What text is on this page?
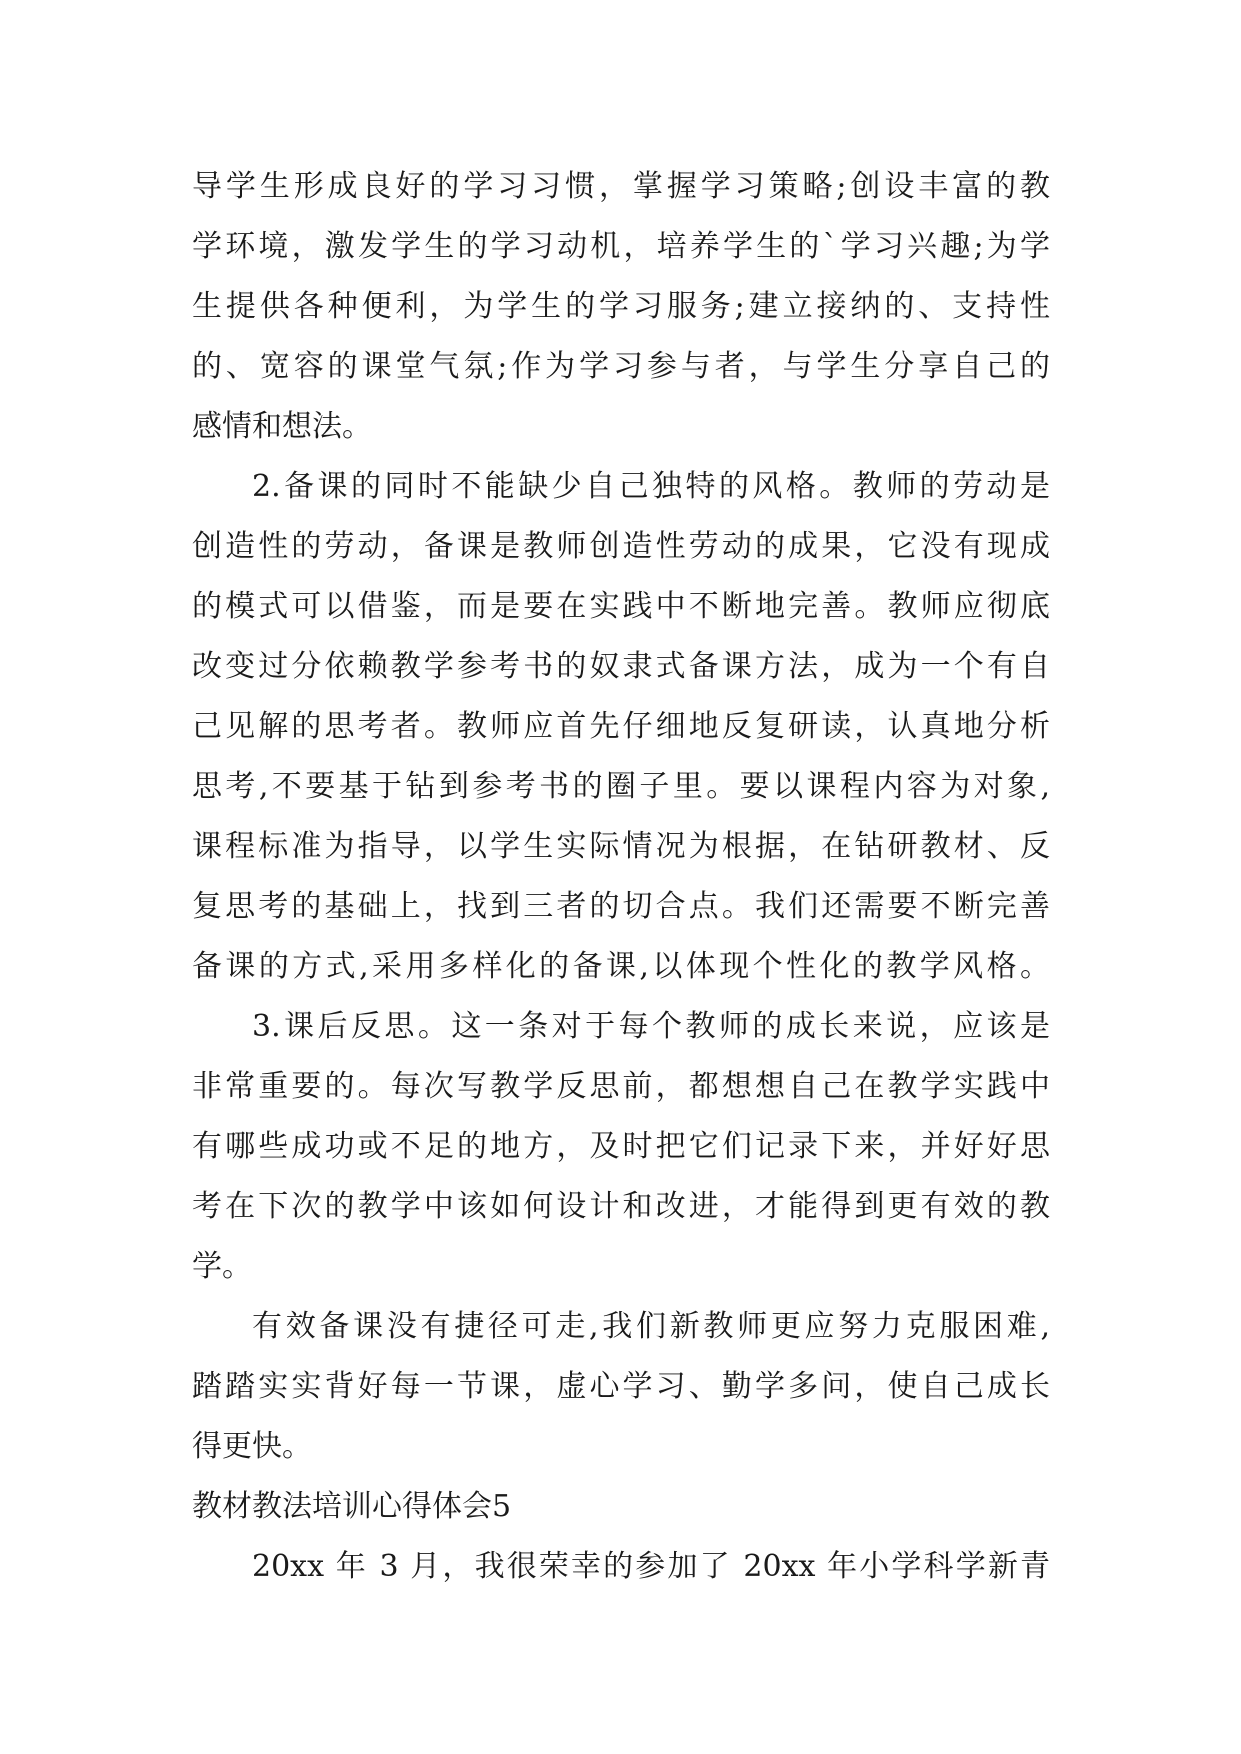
导学生形成良好的学习习惯，掌握学习策略;创设丰富的教
学环境，激发学生的学习动机，培养学生的`学习兴趣;为学
生提供各种便利，为学生的学习服务;建立接纳的、支持性
的、宽容的课堂气氛;作为学习参与者，与学生分享自己的
感情和想法。
2.备课的同时不能缺少自己独特的风格。教师的劳动是
创造性的劳动，备课是教师创造性劳动的成果，它没有现成
的模式可以借鉴，而是要在实践中不断地完善。教师应彻底
改变过分依赖教学参考书的奴隶式备课方法，成为一个有自
己见解的思考者。教师应首先仔细地反复研读，认真地分析
思考,不要基于钻到参考书的圈子里。要以课程内容为对象,
课程标准为指导，以学生实际情况为根据，在钻研教材、反
复思考的基础上，找到三者的切合点。我们还需要不断完善
备课的方式,采用多样化的备课,以体现个性化的教学风格。
3.课后反思。这一条对于每个教师的成长来说，应该是
非常重要的。每次写教学反思前，都想想自己在教学实践中
有哪些成功或不足的地方，及时把它们记录下来，并好好思
考在下次的教学中该如何设计和改进，才能得到更有效的教
学。
有效备课没有捷径可走,我们新教师更应努力克服困难,
踏踏实实背好每一节课，虚心学习、勤学多问，使自己成长
得更快。
教材教法培训心得体会5
20xx 年 3 月，我很荣幸的参加了 20xx 年小学科学新青
